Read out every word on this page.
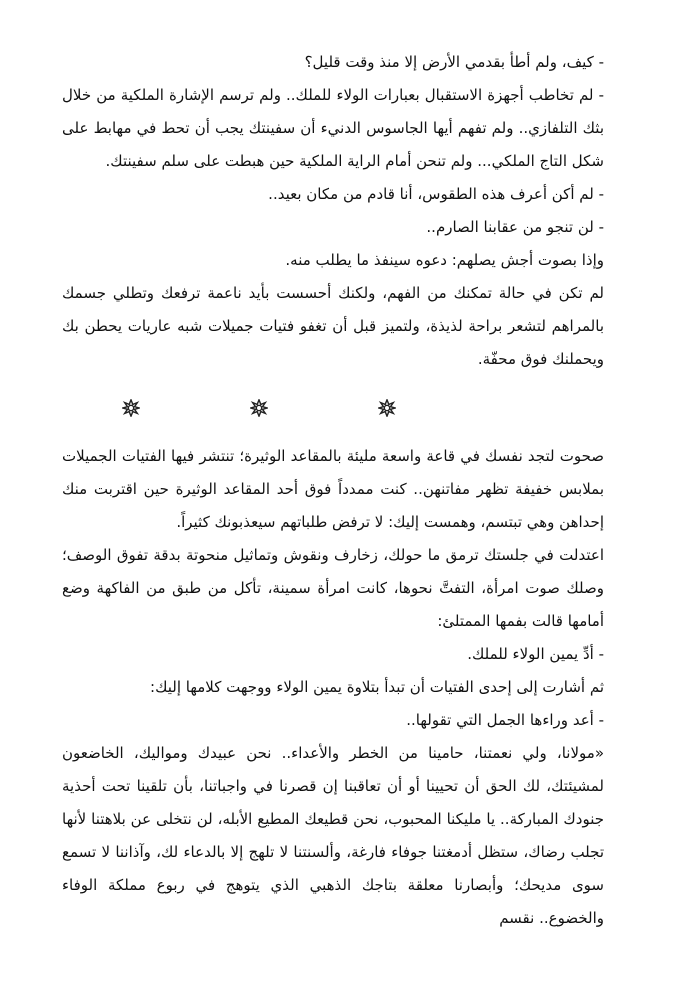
- كيف، ولم أطأ بقدمي الأرض إلا منذ وقت قليل؟

- لم تخاطب أجهزة الاستقبال بعبارات الولاء للملك.. ولم ترسم الإشارة الملكية من خلال بثك التلفازي.. ولم تفهم أيها الجاسوس الدنيء أن سفينتك يجب أن تحط في مهابط على شكل التاج الملكي... ولم تنحن أمام الراية الملكية حين هبطت على سلم سفينتك.

- لم أكن أعرف هذه الطقوس، أنا قادم من مكان بعيد..

- لن تنجو من عقابنا الصارم..

وإذا بصوت أجش يصلهم: دعوه سينفذ ما يطلب منه.

لم تكن في حالة تمكنك من الفهم، ولكنك أحسست بأيد ناعمة ترفعك وتطلي جسمك بالمراهم لتشعر براحة لذيذة، ولتميز قبل أن تغفو فتيات جميلات شبه عاريات يحطن بك ويحملنك فوق محفّة.

صحوت لتجد نفسك في قاعة واسعة مليئة بالمقاعد الوثيرة؛ تنتشر فيها الفتيات الجميلات بملابس خفيفة تظهر مفاتنهن.. كنت ممدداً فوق أحد المقاعد الوثيرة حين اقتربت منك إحداهن وهي تبتسم، وهمست إليك: لا ترفض طلباتهم سيعذبونك كثيراً.

اعتدلت في جلستك ترمق ما حولك، زخارف ونقوش وتماثيل منحوتة بدقة تفوق الوصف؛ وصلك صوت امرأة، التفتَّ نحوها، كانت امرأة سمينة، تأكل من طبق من الفاكهة وضع أمامها قالت بفمها الممتلئ:

- أدِّ يمين الولاء للملك.

ثم أشارت إلى إحدى الفتيات أن تبدأ بتلاوة يمين الولاء ووجهت كلامها إليك:

- أعد وراءها الجمل التي تقولها..

«مولانا، ولي نعمتنا، حامينا من الخطر والأعداء.. نحن عبيدك ومواليك، الخاضعون لمشيئتك، لك الحق أن تحيينا أو أن تعاقبنا إن قصرنا في واجباتنا، بأن تلقينا تحت أحذية جنودك المباركة.. يا مليكنا المحبوب، نحن قطيعك المطيع الأبله، لن نتخلى عن بلاهتنا لأنها تجلب رضاك، ستظل أدمغتنا جوفاء فارغة، وألسنتنا لا تلهج إلا بالدعاء لك، وآذاننا لا تسمع سوى مديحك؛ وأبصارنا معلقة بتاجك الذهبي الذي يتوهج في ربوع مملكة الوفاء والخضوع.. نقسم
